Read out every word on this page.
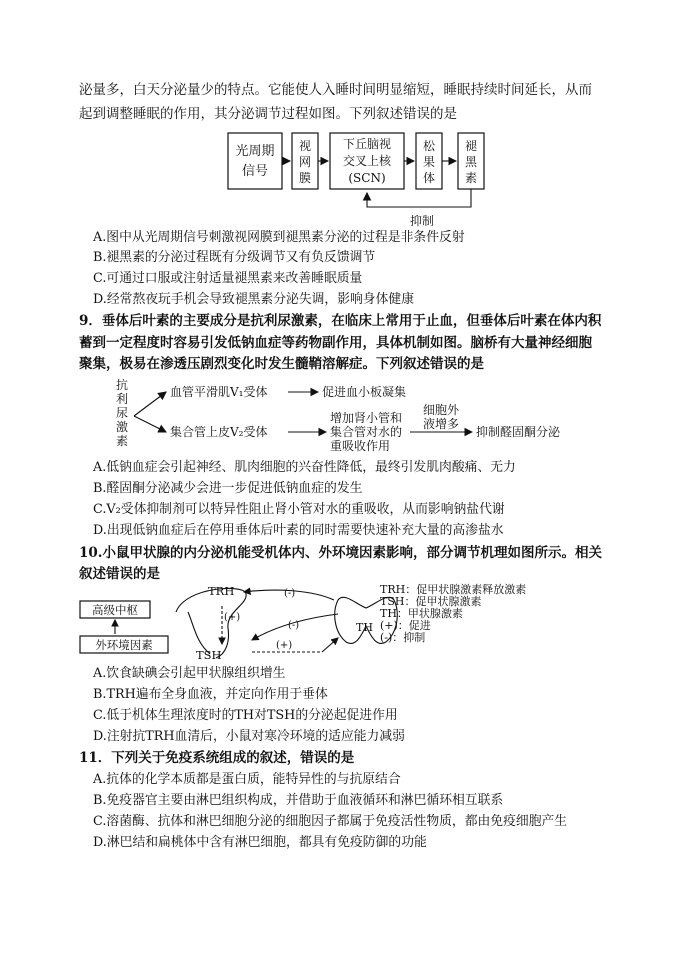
泌量多，白天分泌量少的特点。它能使人入睡时间明显缩短，睡眠持续时间延长，从而
起到调整睡眠的作用，其分泌调节过程如图。下列叙述错误的是
光周期
信号
视
网
膜
下丘脑视
交叉上核
(SCN)
松
果
体
褪
黑
素
抑制
A.图中从光周期信号刺激视网膜到褪黑素分泌的过程是非条件反射
B.褪黑素的分泌过程既有分级调节又有负反馈调节
C.可通过口服或注射适量褪黑素来改善睡眠质量
D.经常熬夜玩手机会导致褪黑素分泌失调，影响身体健康
9．垂体后叶素的主要成分是抗利尿激素，在临床上常用于止血，但垂体后叶素在体内积
蓄到一定程度时容易引发低钠血症等药物副作用，具体机制如图。脑桥有大量神经细胞
聚集，极易在渗透压剧烈变化时发生髓鞘溶解症。下列叙述错误的是
抗
利
尿
激
素
血管平滑肌V₁受体	促进血小板凝集
集合管上皮V₂受体
增加肾小管和
集合管对水的
重吸收作用
细胞外
液增多
抑制醛固酮分泌
A.低钠血症会引起神经、肌肉细胞的兴奋性降低，最终引发肌肉酸痛、无力
B.醛固酮分泌减少会进一步促进低钠血症的发生
C.V₂受体抑制剂可以特异性阻止肾小管对水的重吸收，从而影响钠盐代谢
D.出现低钠血症后在停用垂体后叶素的同时需要快速补充大量的高渗盐水
10.小鼠甲状腺的内分泌机能受机体内、外环境因素影响，部分调节机理如图所示。相关
叙述错误的是
高级中枢
外环境因素
TRH
TSH
(+)
(+)
(-)
(-)	TH
TRH：促甲状腺激素释放激素
TSH：促甲状腺激素
TH：甲状腺激素
(+)：促进
(-)：抑制
A.饮食缺碘会引起甲状腺组织增生
B.TRH遍布全身血液，并定向作用于垂体
C.低于机体生理浓度时的TH对TSH的分泌起促进作用
D.注射抗TRH血清后，小鼠对寒冷环境的适应能力减弱
11．下列关于免疫系统组成的叙述，错误的是
A.抗体的化学本质都是蛋白质，能特异性的与抗原结合
B.免疫器官主要由淋巴组织构成，并借助于血液循环和淋巴循环相互联系
C.溶菌酶、抗体和淋巴细胞分泌的细胞因子都属于免疫活性物质，都由免疫细胞产生
D.淋巴结和扁桃体中含有淋巴细胞，都具有免疫防御的功能
